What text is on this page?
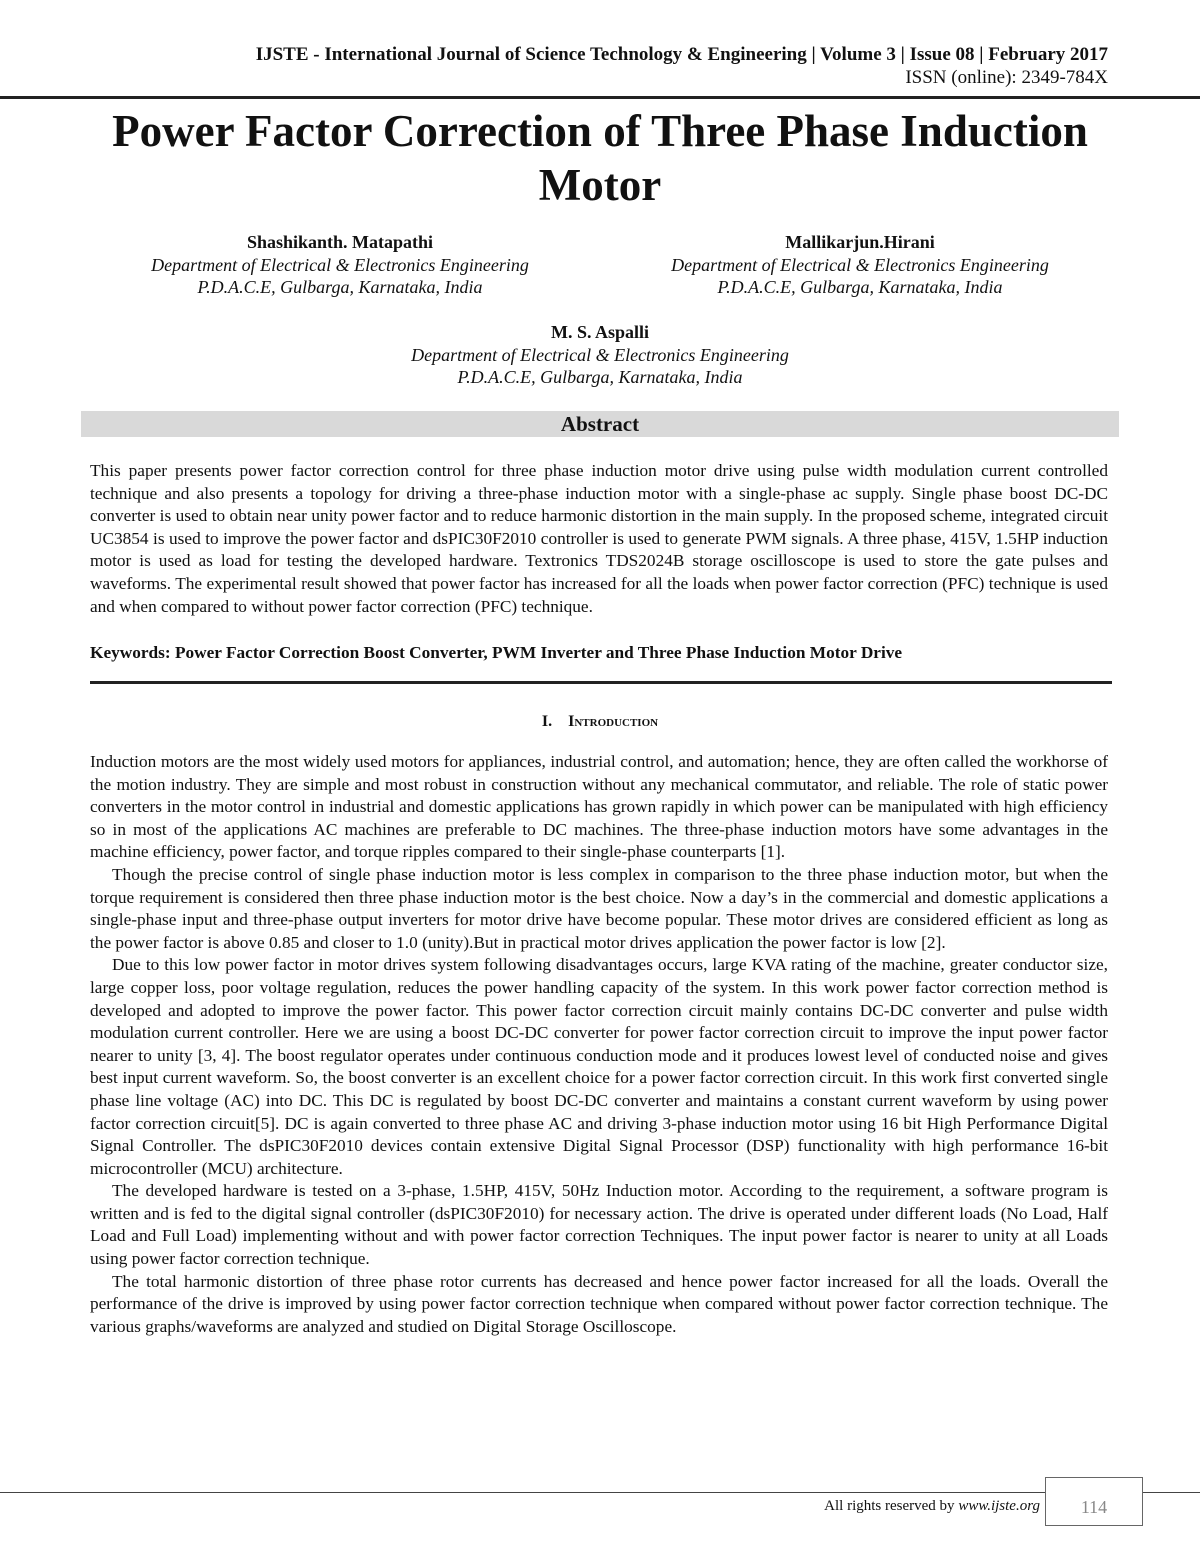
IJSTE - International Journal of Science Technology & Engineering | Volume 3 | Issue 08 | February 2017
ISSN (online): 2349-784X
Power Factor Correction of Three Phase Induction Motor
Shashikanth. Matapathi
Department of Electrical & Electronics Engineering
P.D.A.C.E, Gulbarga, Karnataka, India
Mallikarjun.Hirani
Department of Electrical & Electronics Engineering
P.D.A.C.E, Gulbarga, Karnataka, India
M. S. Aspalli
Department of Electrical & Electronics Engineering
P.D.A.C.E, Gulbarga, Karnataka, India
Abstract

This paper presents power factor correction control for three phase induction motor drive using pulse width modulation current controlled technique and also presents a topology for driving a three-phase induction motor with a single-phase ac supply. Single phase boost DC-DC converter is used to obtain near unity power factor and to reduce harmonic distortion in the main supply. In the proposed scheme, integrated circuit UC3854 is used to improve the power factor and dsPIC30F2010 controller is used to generate PWM signals. A three phase, 415V, 1.5HP induction motor is used as load for testing the developed hardware. Textronics TDS2024B storage oscilloscope is used to store the gate pulses and waveforms. The experimental result showed that power factor has increased for all the loads when power factor correction (PFC) technique is used and when compared to without power factor correction (PFC) technique.

Keywords: Power Factor Correction Boost Converter, PWM Inverter and Three Phase Induction Motor Drive
I. Introduction

Induction motors are the most widely used motors for appliances, industrial control, and automation; hence, they are often called the workhorse of the motion industry. They are simple and most robust in construction without any mechanical commutator, and reliable. The role of static power converters in the motor control in industrial and domestic applications has grown rapidly in which power can be manipulated with high efficiency so in most of the applications AC machines are preferable to DC machines. The three-phase induction motors have some advantages in the machine efficiency, power factor, and torque ripples compared to their single-phase counterparts [1].

Though the precise control of single phase induction motor is less complex in comparison to the three phase induction motor, but when the torque requirement is considered then three phase induction motor is the best choice. Now a day’s in the commercial and domestic applications a single-phase input and three-phase output inverters for motor drive have become popular. These motor drives are considered efficient as long as the power factor is above 0.85 and closer to 1.0 (unity).But in practical motor drives application the power factor is low [2].

Due to this low power factor in motor drives system following disadvantages occurs, large KVA rating of the machine, greater conductor size, large copper loss, poor voltage regulation, reduces the power handling capacity of the system. In this work power factor correction method is developed and adopted to improve the power factor. This power factor correction circuit mainly contains DC-DC converter and pulse width modulation current controller. Here we are using a boost DC-DC converter for power factor correction circuit to improve the input power factor nearer to unity [3, 4]. The boost regulator operates under continuous conduction mode and it produces lowest level of conducted noise and gives best input current waveform. So, the boost converter is an excellent choice for a power factor correction circuit. In this work first converted single phase line voltage (AC) into DC. This DC is regulated by boost DC-DC converter and maintains a constant current waveform by using power factor correction circuit[5]. DC is again converted to three phase AC and driving 3-phase induction motor using 16 bit High Performance Digital Signal Controller. The dsPIC30F2010 devices contain extensive Digital Signal Processor (DSP) functionality with high performance 16-bit microcontroller (MCU) architecture.

The developed hardware is tested on a 3-phase, 1.5HP, 415V, 50Hz Induction motor. According to the requirement, a software program is written and is fed to the digital signal controller (dsPIC30F2010) for necessary action. The drive is operated under different loads (No Load, Half Load and Full Load) implementing without and with power factor correction Techniques. The input power factor is nearer to unity at all Loads using power factor correction technique.

The total harmonic distortion of three phase rotor currents has decreased and hence power factor increased for all the loads. Overall the performance of the drive is improved by using power factor correction technique when compared without power factor correction technique. The various graphs/waveforms are analyzed and studied on Digital Storage Oscilloscope.

All rights reserved by www.ijste.org	114
